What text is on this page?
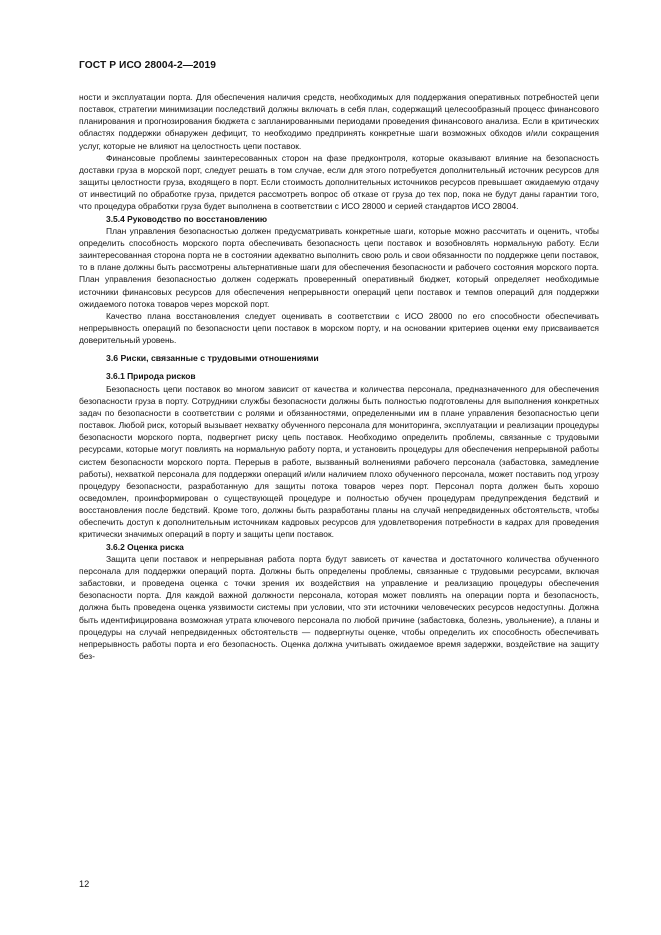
ГОСТ Р ИСО 28004-2—2019

ности и эксплуатации порта. Для обеспечения наличия средств, необходимых для поддержания оперативных потребностей цепи поставок, стратегии минимизации последствий должны включать в себя план, содержащий целесообразный процесс финансового планирования и прогнозирования бюджета с запланированными периодами проведения финансового анализа. Если в критических областях поддержки обнаружен дефицит, то необходимо предпринять конкретные шаги возможных обходов и/или сокращения услуг, которые не влияют на целостность цепи поставок.

Финансовые проблемы заинтересованных сторон на фазе предконтроля, которые оказывают влияние на безопасность доставки груза в морской порт, следует решать в том случае, если для этого потребуется дополнительный источник ресурсов для защиты целостности груза, входящего в порт. Если стоимость дополнительных источников ресурсов превышает ожидаемую отдачу от инвестиций по обработке груза, придется рассмотреть вопрос об отказе от груза до тех пор, пока не будут даны гарантии того, что процедура обработки груза будет выполнена в соответствии с ИСО 28000 и серией стандартов ИСО 28004.

3.5.4 Руководство по восстановлению

План управления безопасностью должен предусматривать конкретные шаги, которые можно рассчитать и оценить, чтобы определить способность морского порта обеспечивать безопасность цепи поставок и возобновлять нормальную работу. Если заинтересованная сторона порта не в состоянии адекватно выполнить свою роль и свои обязанности по поддержке цепи поставок, то в плане должны быть рассмотрены альтернативные шаги для обеспечения безопасности и рабочего состояния морского порта. План управления безопасностью должен содержать проверенный оперативный бюджет, который определяет необходимые источники финансовых ресурсов для обеспечения непрерывности операций цепи поставок и темпов операций для поддержки ожидаемого потока товаров через морской порт.

Качество плана восстановления следует оценивать в соответствии с ИСО 28000 по его способности обеспечивать непрерывность операций по безопасности цепи поставок в морском порту, и на основании критериев оценки ему присваивается доверительный уровень.

3.6 Риски, связанные с трудовыми отношениями
3.6.1 Природа рисков

Безопасность цепи поставок во многом зависит от качества и количества персонала, предназначенного для обеспечения безопасности груза в порту. Сотрудники службы безопасности должны быть полностью подготовлены для выполнения конкретных задач по безопасности в соответствии с ролями и обязанностями, определенными им в плане управления безопасностью цепи поставок. Любой риск, который вызывает нехватку обученного персонала для мониторинга, эксплуатации и реализации процедуры безопасности морского порта, подвергнет риску цепь поставок. Необходимо определить проблемы, связанные с трудовыми ресурсами, которые могут повлиять на нормальную работу порта, и установить процедуры для обеспечения непрерывной работы систем безопасности морского порта. Перерыв в работе, вызванный волнениями рабочего персонала (забастовка, замедление работы), нехваткой персонала для поддержки операций и/или наличием плохо обученного персонала, может поставить под угрозу процедуру безопасности, разработанную для защиты потока товаров через порт. Персонал порта должен быть хорошо осведомлен, проинформирован о существующей процедуре и полностью обучен процедурам предупреждения бедствий и восстановления после бедствий. Кроме того, должны быть разработаны планы на случай непредвиденных обстоятельств, чтобы обеспечить доступ к дополнительным источникам кадровых ресурсов для удовлетворения потребности в кадрах для проведения критически значимых операций в порту и защиты цепи поставок.

3.6.2 Оценка риска

Защита цепи поставок и непрерывная работа порта будут зависеть от качества и достаточного количества обученного персонала для поддержки операций порта. Должны быть определены проблемы, связанные с трудовыми ресурсами, включая забастовки, и проведена оценка с точки зрения их воздействия на управление и реализацию процедуры обеспечения безопасности порта. Для каждой важной должности персонала, которая может повлиять на операции порта и безопасность, должна быть проведена оценка уязвимости системы при условии, что эти источники человеческих ресурсов недоступны. Должна быть идентифицирована возможная утрата ключевого персонала по любой причине (забастовка, болезнь, увольнение), а планы и процедуры на случай непредвиденных обстоятельств — подвергнуты оценке, чтобы определить их способность обеспечивать непрерывность работы порта и его безопасность. Оценка должна учитывать ожидаемое время задержки, воздействие на защиту без-

12
